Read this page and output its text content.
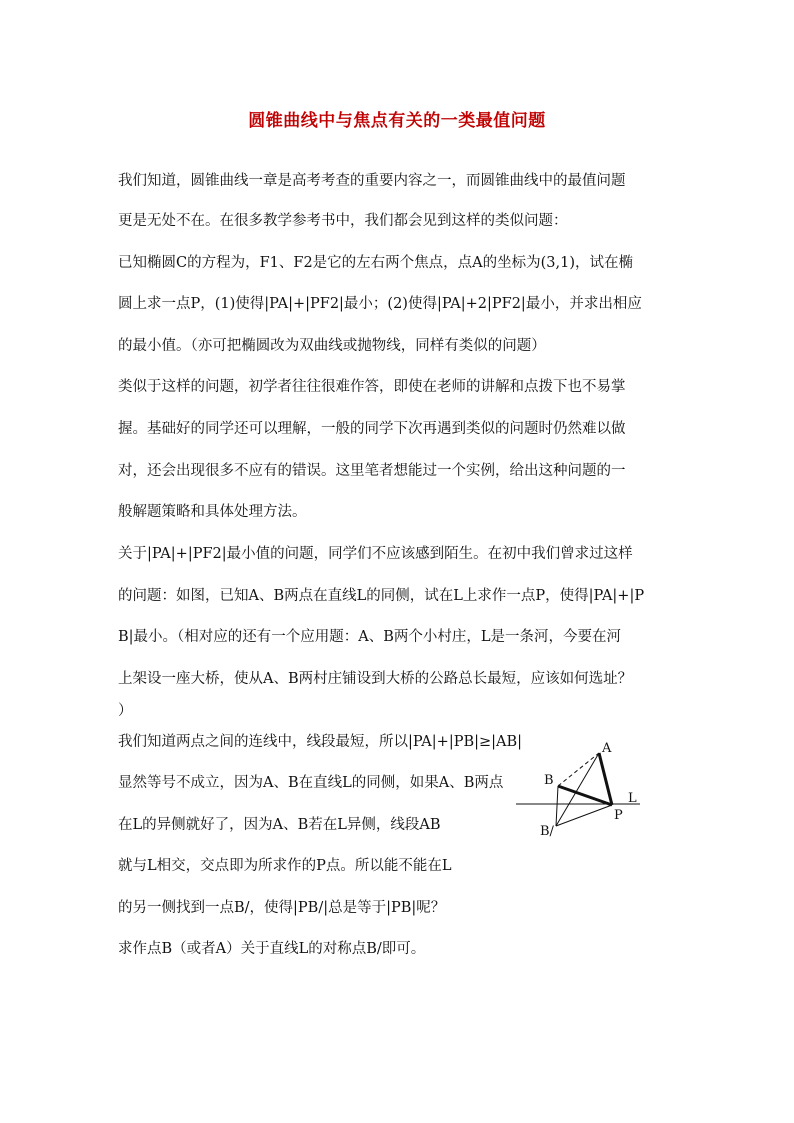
圆锥曲线中与焦点有关的一类最值问题
我们知道，圆锥曲线一章是高考考查的重要内容之一，而圆锥曲线中的最值问题
更是无处不在。在很多教学参考书中，我们都会见到这样的类似问题：
已知椭圆C的方程为，F1、F2是它的左右两个焦点，点A的坐标为(3,1)，试在椭
圆上求一点P，(1)使得|PA|+|PF2|最小；(2)使得|PA|+2|PF2|最小，并求出相应
的最小值。（亦可把椭圆改为双曲线或抛物线，同样有类似的问题）
类似于这样的问题，初学者往往很难作答，即使在老师的讲解和点拨下也不易掌
握。基础好的同学还可以理解，一般的同学下次再遇到类似的问题时仍然难以做
对，还会出现很多不应有的错误。这里笔者想能过一个实例，给出这种问题的一
般解题策略和具体处理方法。
关于|PA|+|PF2|最小值的问题，同学们不应该感到陌生。在初中我们曾求过这样
的问题：如图，已知A、B两点在直线L的同侧，试在L上求作一点P，使得|PA|+|P
B|最小。（相对应的还有一个应用题：A、B两个小村庄，L是一条河，今要在河
上架设一座大桥，使从A、B两村庄铺设到大桥的公路总长最短，应该如何选址？
）
我们知道两点之间的连线中，线段最短，所以|PA|+|PB|≥|AB|
显然等号不成立，因为A、B在直线L的同侧，如果A、B两点
在L的异侧就好了，因为A、B若在L异侧，线段AB
就与L相交，交点即为所求作的P点。所以能不能在L
的另一侧找到一点B/，使得|PB/|总是等于|PB|呢？
求作点B（或者A）关于直线L的对称点B/即可。
A
B
B/
L
P
